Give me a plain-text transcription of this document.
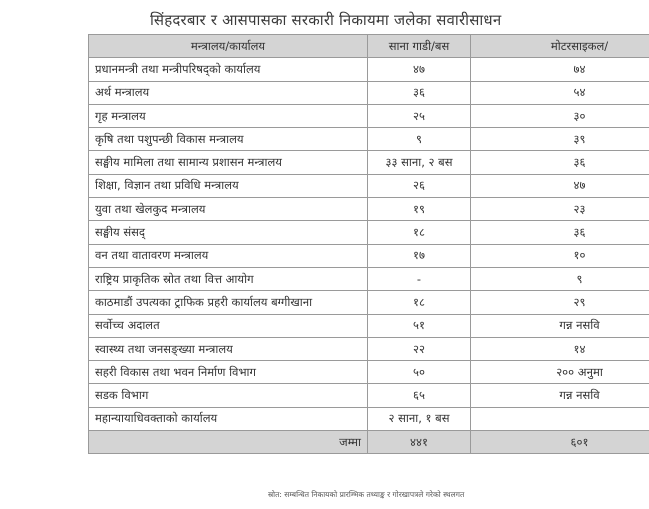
सिंहदरबार र आसपासका सरकारी निकायमा जलेका सवारीसाधन
मन्त्रालय/कार्यालय	साना गाडी/बस	मोटरसाइकल/
प्रधानमन्त्री तथा मन्त्रीपरिषद्को कार्यालय	४७	७४
अर्थ मन्त्रालय	३६	५४
गृह मन्त्रालय	२५	३०
कृषि तथा पशुपन्छी विकास मन्त्रालय	९	३९
सङ्घीय मामिला तथा सामान्य प्रशासन मन्त्रालय	३३ साना, २ बस	३६
शिक्षा, विज्ञान तथा प्रविधि मन्त्रालय	२६	४७
युवा तथा खेलकुद मन्त्रालय	१९	२३
सङ्घीय संसद्	१८	३६
वन तथा वातावरण मन्त्रालय	१७	१०
राष्ट्रिय प्राकृतिक स्रोत तथा वित्त आयोग	-	९
काठमाडौं उपत्यका ट्राफिक प्रहरी कार्यालय बग्गीखाना	१८	२९
सर्वोच्च अदालत	५१	गन्न नसवि
स्वास्थ्य तथा जनसङ्ख्या मन्त्रालय	२२	१४
सहरी विकास तथा भवन निर्माण विभाग	५०	२०० अनुमा
सडक विभाग	६५	गन्न नसवि
महान्यायाधिवक्ताको कार्यालय	२ साना, १ बस	
जम्मा	४४१	६०१
स्रोत: सम्बन्धित निकायको प्रारम्भिक तथ्याङ्क र गोरखापत्रले गरेको स्थलगत
